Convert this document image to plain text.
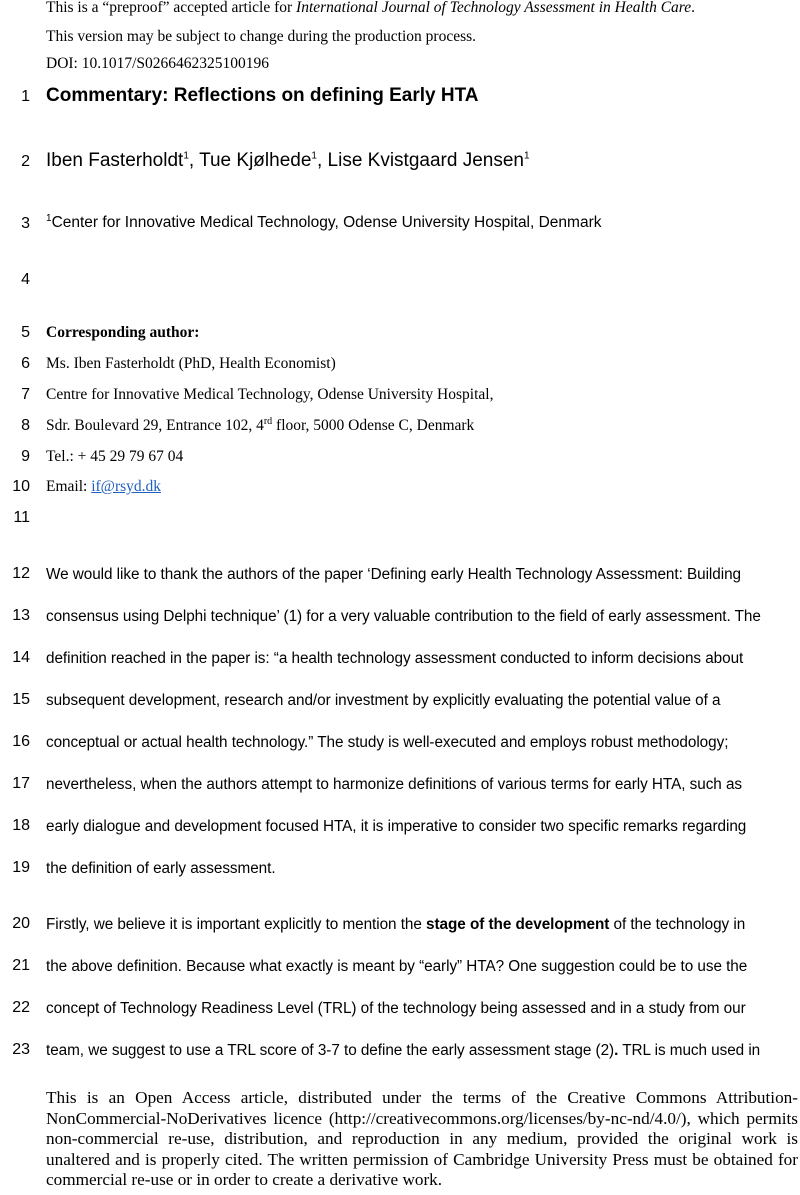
This is a “preproof” accepted article for International Journal of Technology Assessment in Health Care.
This version may be subject to change during the production process.
DOI: 10.1017/S0266462325100196
1
2
3
4
5
6
7
8
9
10
11
12
13
14
15
16
17
18
19
20
21
22
23
Commentary: Reflections on defining Early HTA
Iben Fasterholdt$^1$, Tue Kjølhede$^1$, Lise Kvistgaard Jensen$^1$
$^1$Center for Innovative Medical Technology, Odense University Hospital, Denmark
Corresponding author:
Ms. Iben Fasterholdt (PhD, Health Economist)
Centre for Innovative Medical Technology, Odense University Hospital,
Sdr. Boulevard 29, Entrance 102, 4rd floor, 5000 Odense C, Denmark
Tel.: + 45 29 79 67 04
Email: if@rsyd.dk
We would like to thank the authors of the paper ‘Defining early Health Technology Assessment: Building
consensus using Delphi technique’ (1) for a very valuable contribution to the field of early assessment. The
definition reached in the paper is: “a health technology assessment conducted to inform decisions about
subsequent development, research and/or investment by explicitly evaluating the potential value of a
conceptual or actual health technology.” The study is well-executed and employs robust methodology;
nevertheless, when the authors attempt to harmonize definitions of various terms for early HTA, such as
early dialogue and development focused HTA, it is imperative to consider two specific remarks regarding
the definition of early assessment.
Firstly, we believe it is important explicitly to mention the stage of the development of the technology in
the above definition. Because what exactly is meant by “early” HTA? One suggestion could be to use the
concept of Technology Readiness Level (TRL) of the technology being assessed and in a study from our
team, we suggest to use a TRL score of 3-7 to define the early assessment stage (2). TRL is much used in
This is an Open Access article, distributed under the terms of the Creative Commons Attribution-NonCommercial-NoDerivatives licence (http://creativecommons.org/licenses/by-nc-nd/4.0/), which permits non-commercial re-use, distribution, and reproduction in any medium, provided the original work is unaltered and is properly cited. The written permission of Cambridge University Press must be obtained for commercial re-use or in order to create a derivative work.
